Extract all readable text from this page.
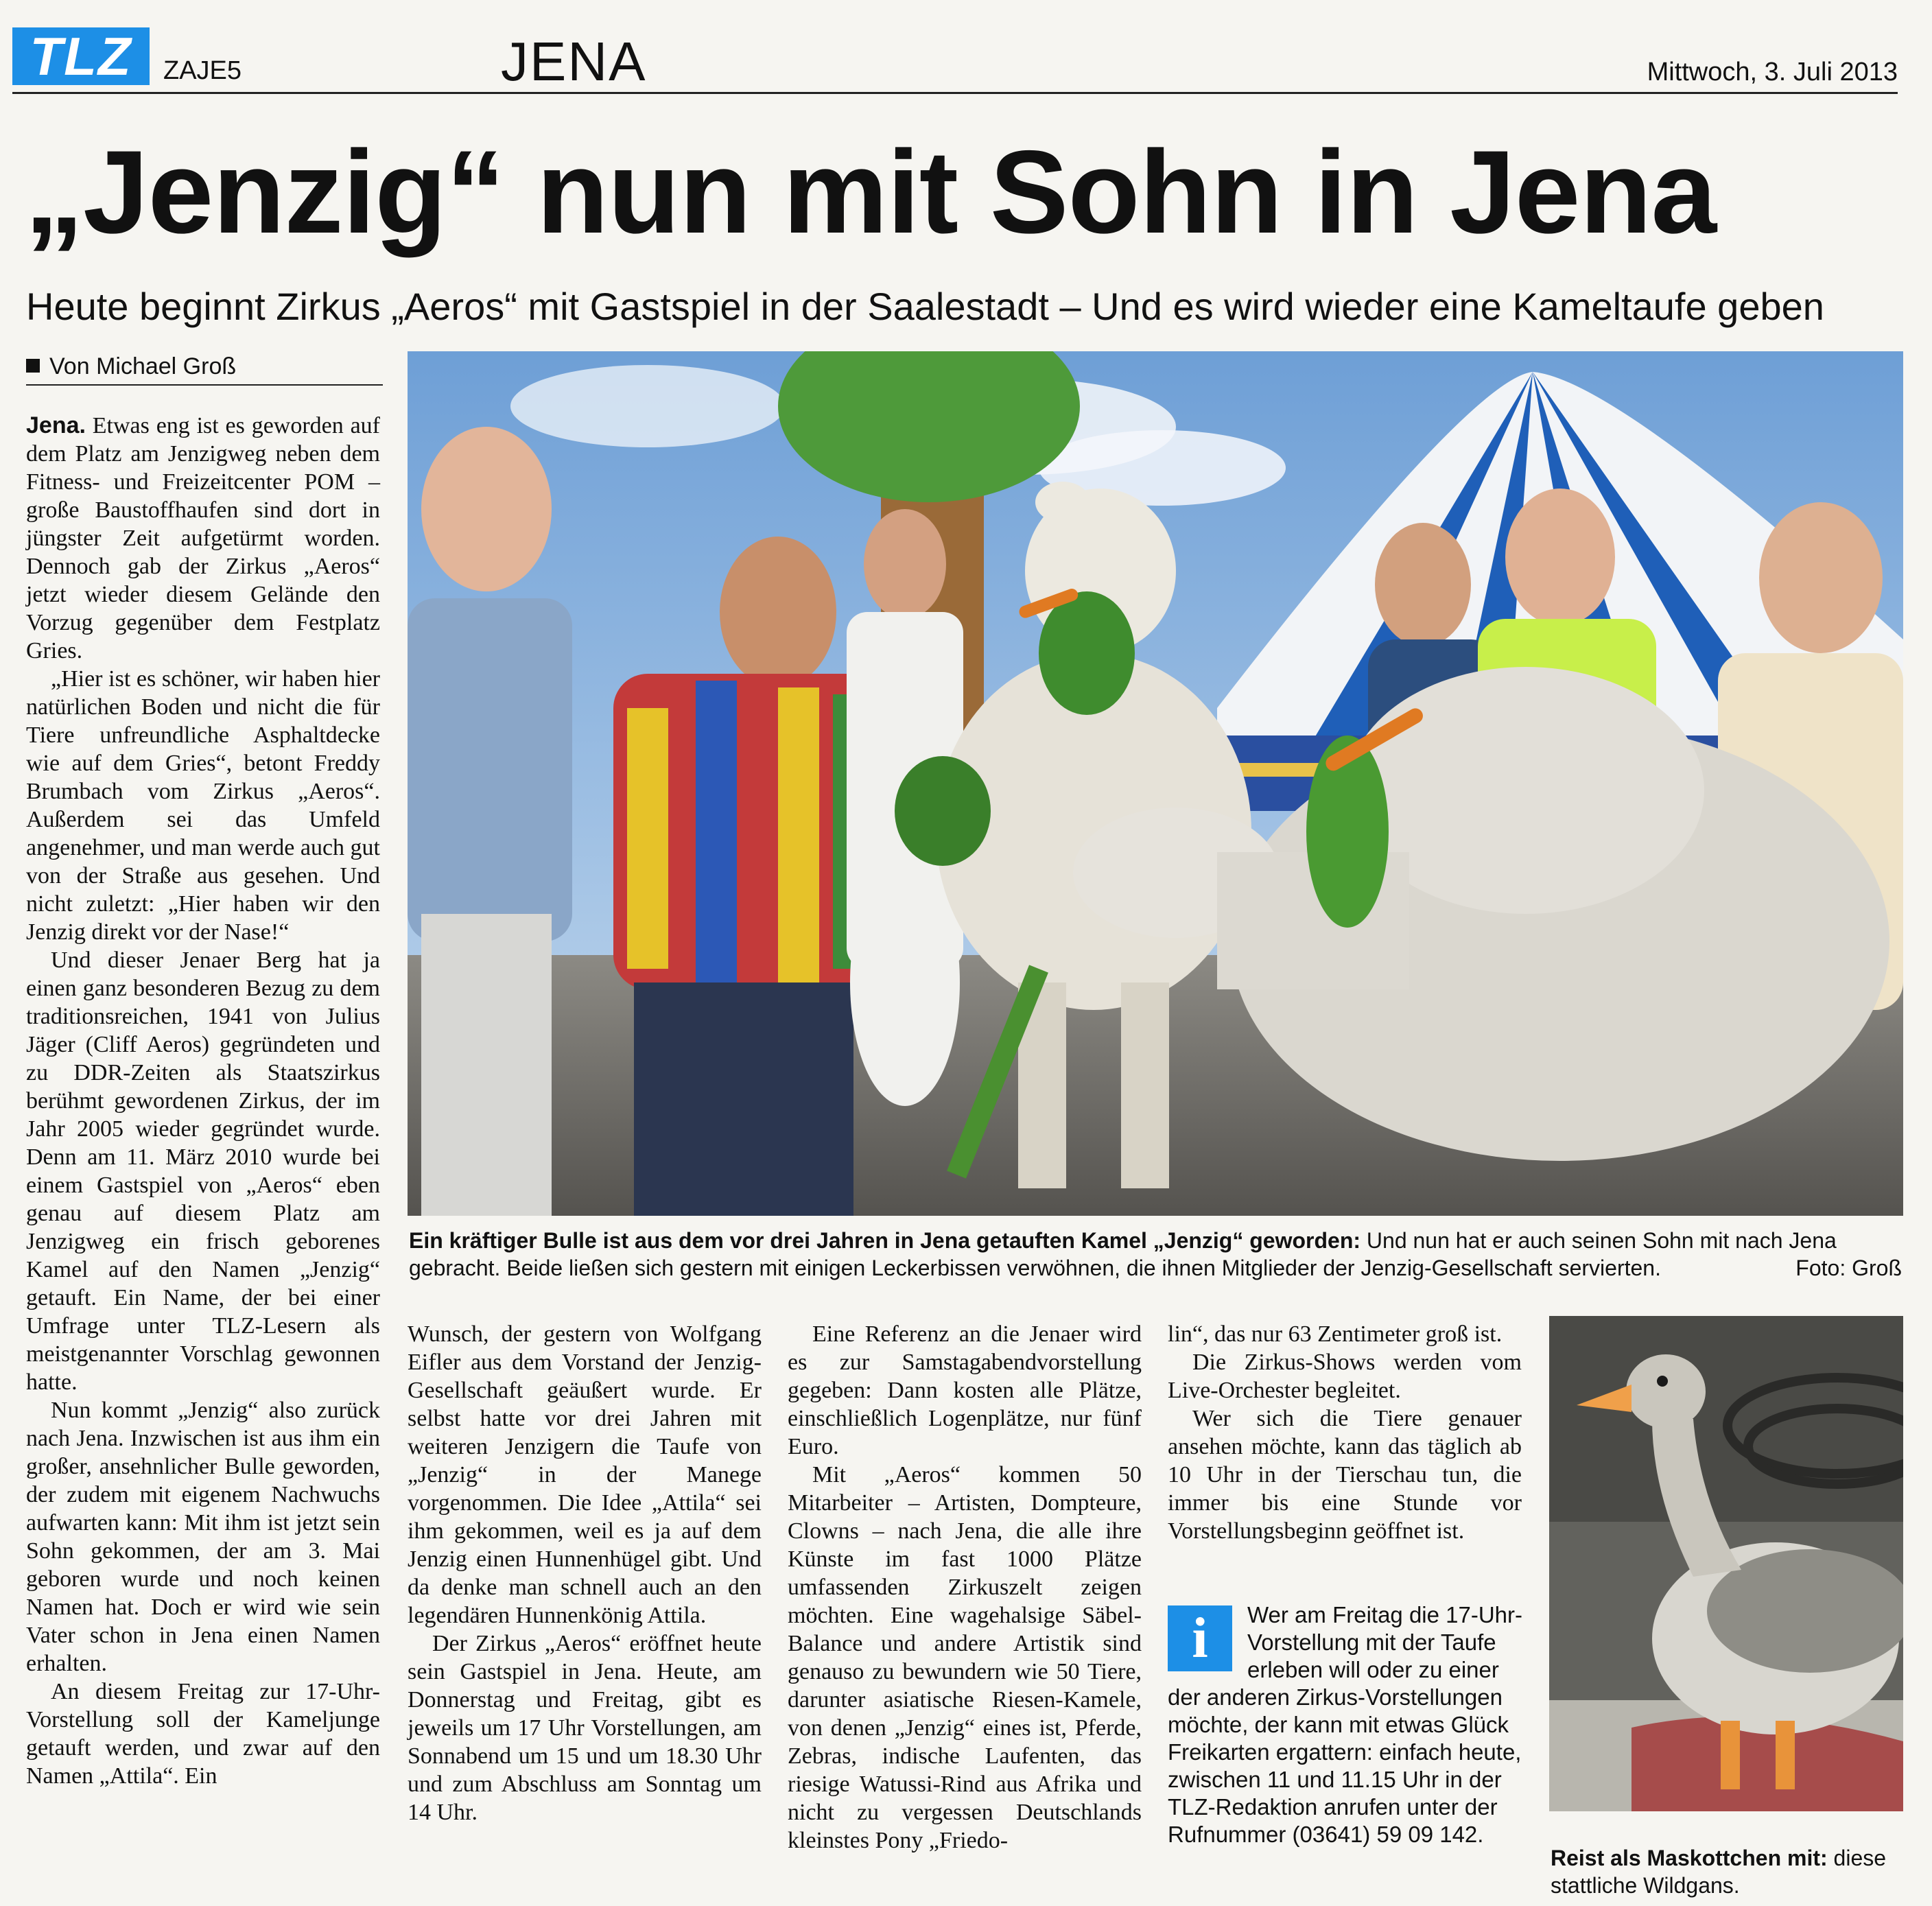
TLZ	ZAJE5	JENA	Mittwoch, 3. Juli 2013
„Jenzig“ nun mit Sohn in Jena
Heute beginnt Zirkus „Aeros“ mit Gastspiel in der Saalestadt – Und es wird wieder eine Kameltaufe geben
Von Michael Groß

Jena. Etwas eng ist es geworden auf dem Platz am Jenzigweg neben dem Fitness- und Freizeitcenter POM – große Baustoffhaufen sind dort in jüngster Zeit aufgetürmt worden. Dennoch gab der Zirkus „Aeros“ jetzt wieder diesem Gelände den Vorzug gegenüber dem Festplatz Gries.

„Hier ist es schöner, wir haben hier natürlichen Boden und nicht die für Tiere unfreundliche Asphaltdecke wie auf dem Gries“, betont Freddy Brumbach vom Zirkus „Aeros“. Außerdem sei das Umfeld angenehmer, und man werde auch gut von der Straße aus gesehen. Und nicht zuletzt: „Hier haben wir den Jenzig direkt vor der Nase!“

Und dieser Jenaer Berg hat ja einen ganz besonderen Bezug zu dem traditionsreichen, 1941 von Julius Jäger (Cliff Aeros) gegründeten und zu DDR-Zeiten als Staatszirkus berühmt gewordenen Zirkus, der im Jahr 2005 wieder gegründet wurde. Denn am 11. März 2010 wurde bei einem Gastspiel von „Aeros“ eben genau auf diesem Platz am Jenzigweg ein frisch geborenes Kamel auf den Namen „Jenzig“ getauft. Ein Name, der bei einer Umfrage unter TLZ-Lesern als meistgenannter Vorschlag gewonnen hatte.

Nun kommt „Jenzig“ also zurück nach Jena. Inzwischen ist aus ihm ein großer, ansehnlicher Bulle geworden, der zudem mit eigenem Nachwuchs aufwarten kann: Mit ihm ist jetzt sein Sohn gekommen, der am 3. Mai geboren wurde und noch keinen Namen hat. Doch er wird wie sein Vater schon in Jena einen Namen erhalten.

An diesem Freitag zur 17-Uhr-Vorstellung soll der Kameljunge getauft werden, und zwar auf den Namen „Attila“. Ein

Ein kräftiger Bulle ist aus dem vor drei Jahren in Jena getauften Kamel „Jenzig“ geworden: Und nun hat er auch seinen Sohn mit nach Jena gebracht. Beide ließen sich gestern mit einigen Leckerbissen verwöhnen, die ihnen Mitglieder der Jenzig-Gesellschaft servierten.	Foto: Groß

Wunsch, der gestern von Wolfgang Eifler aus dem Vorstand der Jenzig-Gesellschaft geäußert wurde. Er selbst hatte vor drei Jahren mit weiteren Jenzigern die Taufe von „Jenzig“ in der Manege vorgenommen. Die Idee „Attila“ sei ihm gekommen, weil es ja auf dem Jenzig einen Hunnenhügel gibt. Und da denke man schnell auch an den legendären Hunnenkönig Attila.

Der Zirkus „Aeros“ eröffnet heute sein Gastspiel in Jena. Heute, am Donnerstag und Freitag, gibt es jeweils um 17 Uhr Vorstellungen, am Sonnabend um 15 und um 18.30 Uhr und zum Abschluss am Sonntag um 14 Uhr.

Eine Referenz an die Jenaer wird es zur Samstagabendvorstellung gegeben: Dann kosten alle Plätze, einschließlich Logenplätze, nur fünf Euro.

Mit „Aeros“ kommen 50 Mitarbeiter – Artisten, Dompteure, Clowns – nach Jena, die alle ihre Künste im fast 1000 Plätze umfassenden Zirkuszelt zeigen möchten. Eine wagehalsige Säbel-Balance und andere Artistik sind genauso zu bewundern wie 50 Tiere, darunter asiatische Riesen-Kamele, von denen „Jenzig“ eines ist, Pferde, Zebras, indische Laufenten, das riesige Watussi-Rind aus Afrika und nicht zu vergessen Deutschlands kleinstes Pony „Friedo-

lin“, das nur 63 Zentimeter groß ist.

Die Zirkus-Shows werden vom Live-Orchester begleitet.

Wer sich die Tiere genauer ansehen möchte, kann das täglich ab 10 Uhr in der Tierschau tun, die immer bis eine Stunde vor Vorstellungsbeginn geöffnet ist.

i	Wer am Freitag die 17-Uhr-Vorstellung mit der Taufe erleben will oder zu einer der anderen Zirkus-Vorstellungen möchte, der kann mit etwas Glück Freikarten ergattern: einfach heute, zwischen 11 und 11.15 Uhr in der TLZ-Redaktion anrufen unter der Rufnummer (03641) 59 09 142.
Reist als Maskottchen mit: diese stattliche Wildgans.
